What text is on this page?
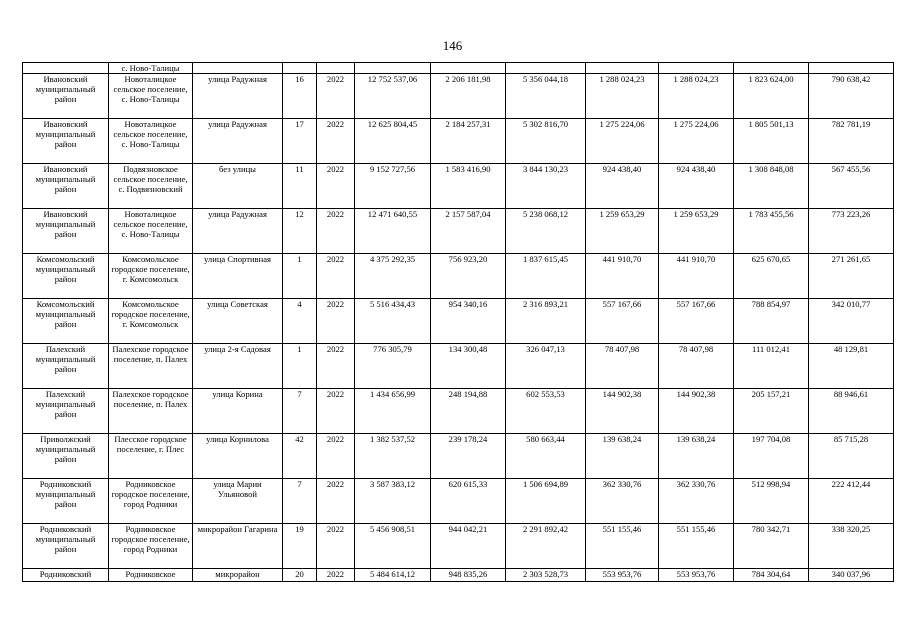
146
	с. Ново-Талицы										
Ивановский муниципальный район	Новоталицкое сельское поселение, с. Ново-Талицы	улица Радужная	16	2022	12 752 537,06	2 206 181,98	5 356 044,18	1 288 024,23	1 288 024,23	1 823 624,00	790 638,42
Ивановский муниципальный район	Новоталицкое сельское поселение, с. Ново-Талицы	улица Радужная	17	2022	12 625 804,45	2 184 257,31	5 302 816,70	1 275 224,06	1 275 224,06	1 805 501,13	782 781,19
Ивановский муниципальный район	Подвязновское сельское поселение, с. Подвязновский	без улицы	11	2022	9 152 727,56	1 583 416,90	3 844 130,23	924 438,40	924 438,40	1 308 848,08	567 455,56
Ивановский муниципальный район	Новоталицкое сельское поселение, с. Ново-Талицы	улица Радужная	12	2022	12 471 640,55	2 157 587,04	5 238 068,12	1 259 653,29	1 259 653,29	1 783 455,56	773 223,26
Комсомольский муниципальный район	Комсомольское городское поселение, г. Комсомольск	улица Спортивная	1	2022	4 375 292,35	756 923,20	1 837 615,45	441 910,70	441 910,70	625 670,65	271 261,65
Комсомольский муниципальный район	Комсомольское городское поселение, г. Комсомольск	улица Советская	4	2022	5 516 434,43	954 340,16	2 316 893,21	557 167,66	557 167,66	788 854,97	342 010,77
Палехский муниципальный район	Палехское городское поселение, п. Палех	улица 2-я Садовая	1	2022	776 305,79	134 300,48	326 047,13	78 407,98	78 407,98	111 012,41	48 129,81
Палехский муниципальный район	Палехское городское поселение, п. Палех	улица Корина	7	2022	1 434 656,99	248 194,88	602 553,53	144 902,38	144 902,38	205 157,21	88 946,61
Приволжский муниципальный район	Плесское городское поселение, г. Плес	улица Корнилова	42	2022	1 382 537,52	239 178,24	580 663,44	139 638,24	139 638,24	197 704,08	85 715,28
Родниковский муниципальный район	Родниковское городское поселение, город Родники	улица Марии Ульяновой	7	2022	3 587 383,12	620 615,33	1 506 694,89	362 330,76	362 330,76	512 998,94	222 412,44
Родниковский муниципальный район	Родниковское городское поселение, город Родники	микрорайон Гагарина	19	2022	5 456 908,51	944 042,21	2 291 892,42	551 155,46	551 155,46	780 342,71	338 320,25
Родниковский	Родниковское	микрорайон	20	2022	5 484 614,12	948 835,26	2 303 528,73	553 953,76	553 953,76	784 304,64	340 037,96
